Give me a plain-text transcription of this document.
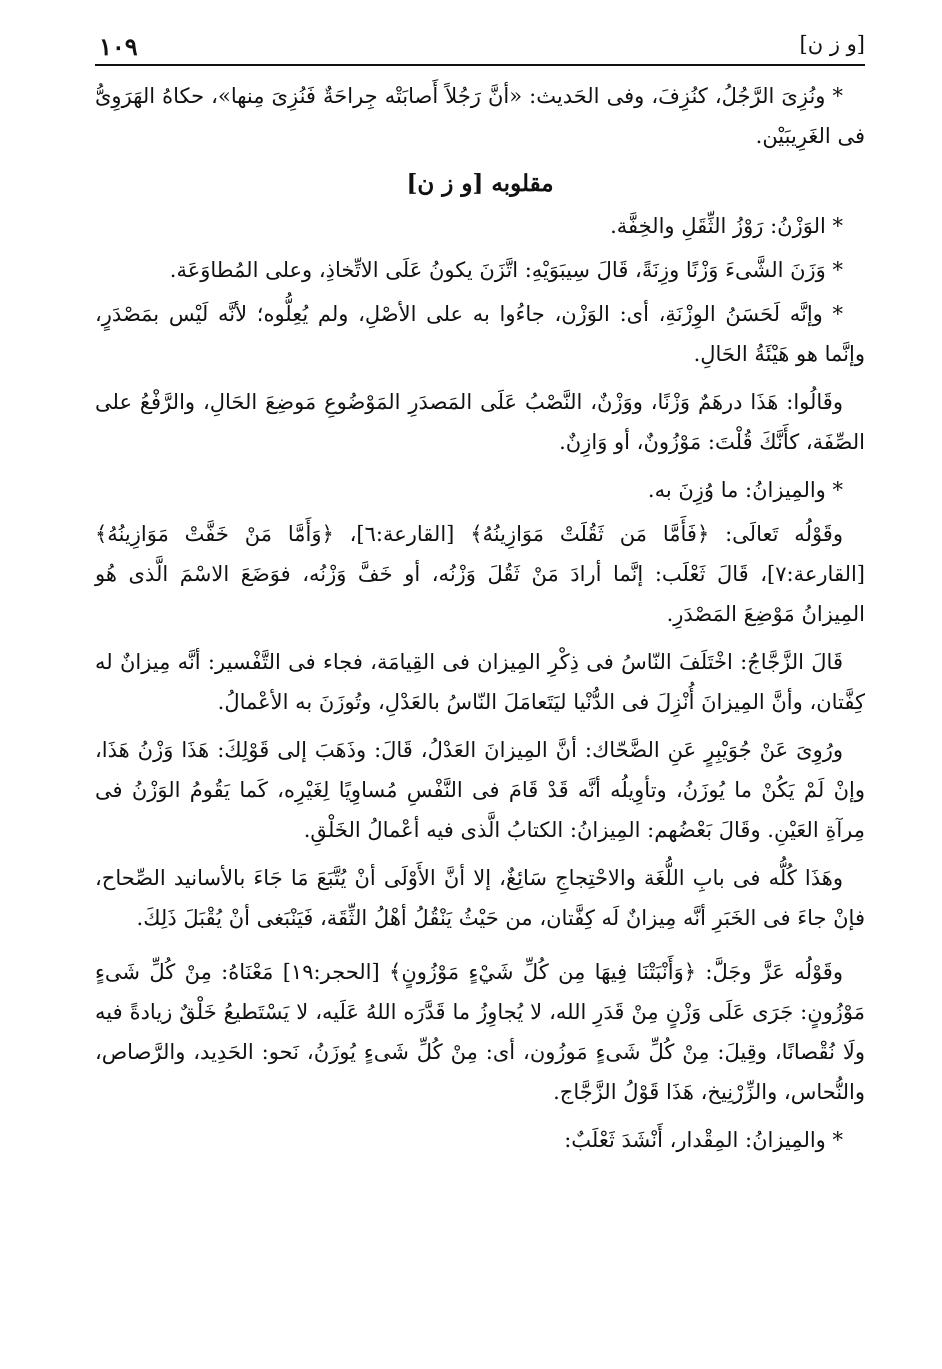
[و ز ن]
١٠٩

* ونُزِىَ الرَّجُلُ، كنُزِفَ، وفى الحَديث: «أنَّ رَجُلاً أَصابَتْه جِراحَةٌ فَنُزِىَ مِنها»، حكاهُ الهَرَوِىُّ فى الغَرِيبَيْن.

مقلوبه [و ز ن]

* الوَزْنُ: رَوْزُ الثِّقَلِ والخِفَّة.

* وَزَنَ الشَّىءَ وَزْنًا وزِنَةً، قَالَ سِيبَوَيْهِ: اتَّزَنَ يكونُ عَلَى الاتِّخاذِ، وعلى المُطاوَعَة.

* وإنَّه لَحَسَنُ الوِزْنَةِ، أى: الوَزْن، جاءُوا به على الأصْلِ، ولم يُعِلُّوه؛ لأنَّه لَيْس بمَصْدَرٍ، وإنَّما هو هَيْئَةُ الحَالِ.

وقَالُوا: هَذَا درهَمٌ وَزْنًا، ووَزْنٌ، النَّصْبُ عَلَى المَصدَرِ المَوْضُوعِ مَوضِعَ الحَالِ، والرَّفْعُ على الصِّفَة، كأَنَّكَ قُلْتَ: مَوْزُونٌ، أو وَازِنٌ.

* والمِيزانُ: ما وُزِنَ به.

وقَوْلُه تَعالَى: ﴿فَأَمَّا مَن ثَقُلَتْ مَوَازِينُهُ﴾ [القارعة:٦]، ﴿وَأَمَّا مَنْ خَفَّتْ مَوَازِينُهُ﴾ [القارعة:٧]، قَالَ ثَعْلَب: إنَّما أرادَ مَنْ ثَقُلَ وَزْنُه، أو خَفَّ وَزْنُه، فوَضَعَ الاسْمَ الَّذى هُو المِيزانُ مَوْضِعَ المَصْدَرِ.

قَالَ الزَّجَّاجُ: اخْتَلَفَ النّاسُ فى ذِكْرِ المِيزان فى القِيامَة، فجاء فى التَّفْسير: أنَّه مِيزانٌ له كِفَّتان، وأنَّ المِيزانَ أُنْزِلَ فى الدُّنْيا ليَتَعامَلَ النّاسُ بالعَدْلِ، وتُوزَنَ به الأعْمالُ.

ورُوِىَ عَنْ جُوَيْبِرٍ عَنِ الضَّحّاك: أنَّ المِيزانَ العَدْلُ، قَالَ: وذَهَبَ إلى قَوْلِكَ: هَذَا وَزْنُ هَذَا، وإنْ لَمْ يَكُنْ ما يُوزَنُ، وتأوِيلُه أنَّه قَدْ قَامَ فى النَّفْسِ مُساوِيًا لِغَيْرِه، كَما يَقُومُ الوَزْنُ فى مِرآةِ العَيْنِ. وقَالَ بَعْضُهم: المِيزانُ: الكتابُ الَّذى فيه أعْمالُ الخَلْقِ.

وهَذَا كُلُّه فى بابِ اللُّغَة والاحْتِجاجِ سَائِغٌ، إلا أنَّ الأَوْلَى أنْ يُتَّبَعَ مَا جَاءَ بالأسانيد الصِّحاح، فإنْ جاءَ فى الخَبَرِ أنَّه مِيزانٌ لَه كِفَّتان، من حَيْثُ يَنْقُلُ أهْلُ الثِّقَة، فَيَنْبَغى أنْ يُقْبَلَ ذَلِكَ.

وقَوْلُه عَزَّ وجَلَّ: ﴿وَأَنْبَتْنَا فِيهَا مِن كُلِّ شَيْءٍ مَوْزُونٍ﴾ [الحجر:١٩] مَعْنَاهُ: مِنْ كُلِّ شَىءٍ مَوْزُونٍ: جَرَى عَلَى وَزْنٍ مِنْ قَدَرِ الله، لا يُجاوِزُ ما قَدَّرَه اللهُ عَلَيه، لا يَسْتَطيعُ خَلْقٌ زيادةً فيه ولَا نُقْصانًا، وقِيلَ: مِنْ كُلِّ شَىءٍ مَوزُون، أى: مِنْ كُلِّ شَىءٍ يُوزَنُ، نَحو: الحَدِيد، والرَّصاص، والنُّحاس، والزِّرْنِيخ، هَذَا قَوْلُ الزَّجَّاج.

* والمِيزانُ: المِقْدار، أَنْشَدَ ثَعْلَبٌ:
